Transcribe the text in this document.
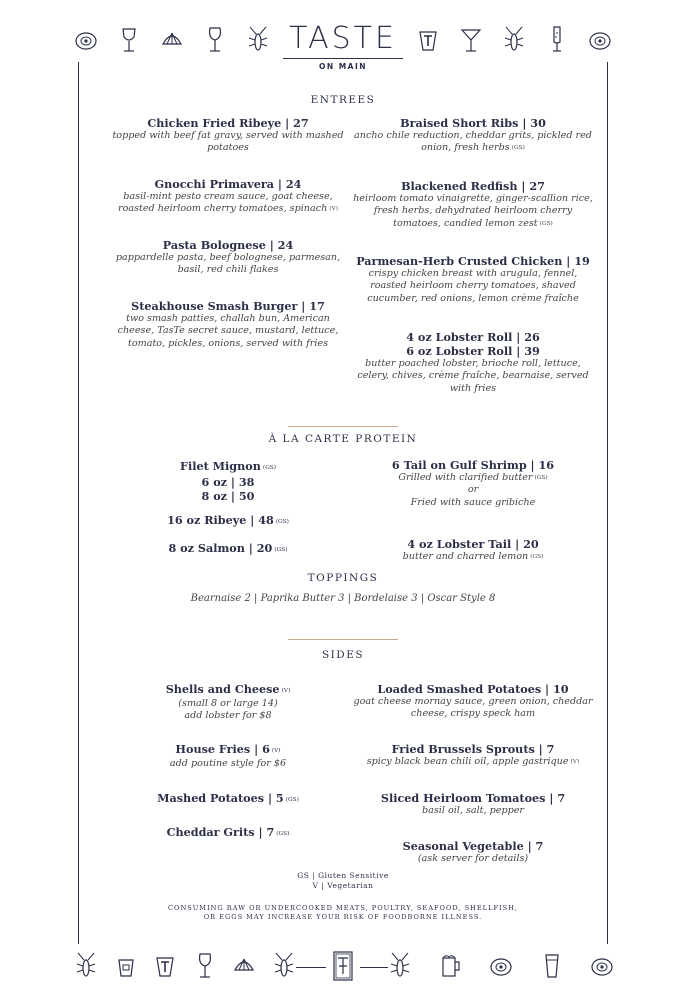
TASTE
ON MAIN
ENTREES
Chicken Fried Ribeye | 27
topped with beef fat gravy, served with mashed potatoes
Gnocchi Primavera | 24
basil-mint pesto cream sauce, goat cheese, roasted heirloom cherry tomatoes, spinach (V)
Pasta Bolognese | 24
pappardelle pasta, beef bolognese, parmesan, basil, red chili flakes
Steakhouse Smash Burger | 17
two smash patties, challah bun, American cheese, TasTe secret sauce, mustard, lettuce, tomato, pickles, onions, served with fries
Braised Short Ribs | 30
ancho chile reduction, cheddar grits, pickled red onion, fresh herbs (GS)
Blackened Redfish | 27
heirloom tomato vinaigrette, ginger-scallion rice, fresh herbs, dehydrated heirloom cherry tomatoes, candied lemon zest (GS)
Parmesan-Herb Crusted Chicken | 19
crispy chicken breast with arugula, fennel, roasted heirloom cherry tomatoes, shaved cucumber, red onions, lemon crème fraîche
4 oz Lobster Roll | 26
6 oz Lobster Roll | 39
butter poached lobster, brioche roll, lettuce, celery, chives, crème fraîche, bearnaise, served with fries
À LA CARTE PROTEIN
Filet Mignon (GS)
6 oz | 38
8 oz | 50
16 oz Ribeye | 48 (GS)
8 oz Salmon | 20 (GS)
6 Tail on Gulf Shrimp | 16
Grilled with clarified butter (GS)
or
Fried with sauce gribiche
4 oz Lobster Tail | 20
butter and charred lemon (GS)
TOPPINGS
Bearnaise 2 | Paprika Butter 3 | Bordelaise 3 | Oscar Style 8
SIDES
Shells and Cheese (V)
(small 8 or large 14)
add lobster for $8
House Fries | 6 (V)
add poutine style for $6
Mashed Potatoes | 5 (GS)
Cheddar Grits | 7 (GS)
Loaded Smashed Potatoes | 10
goat cheese mornay sauce, green onion, cheddar cheese, crispy speck ham
Fried Brussels Sprouts | 7
spicy black bean chili oil, apple gastrique (V)
Sliced Heirloom Tomatoes | 7
basil oil, salt, pepper
Seasonal Vegetable | 7
(ask server for details)
GS | Gluten Sensitive
V | Vegetarian
CONSUMING RAW OR UNDERCOOKED MEATS, POULTRY, SEAFOOD, SHELLFISH,
OR EGGS MAY INCREASE YOUR RISK OF FOODBORNE ILLNESS.
